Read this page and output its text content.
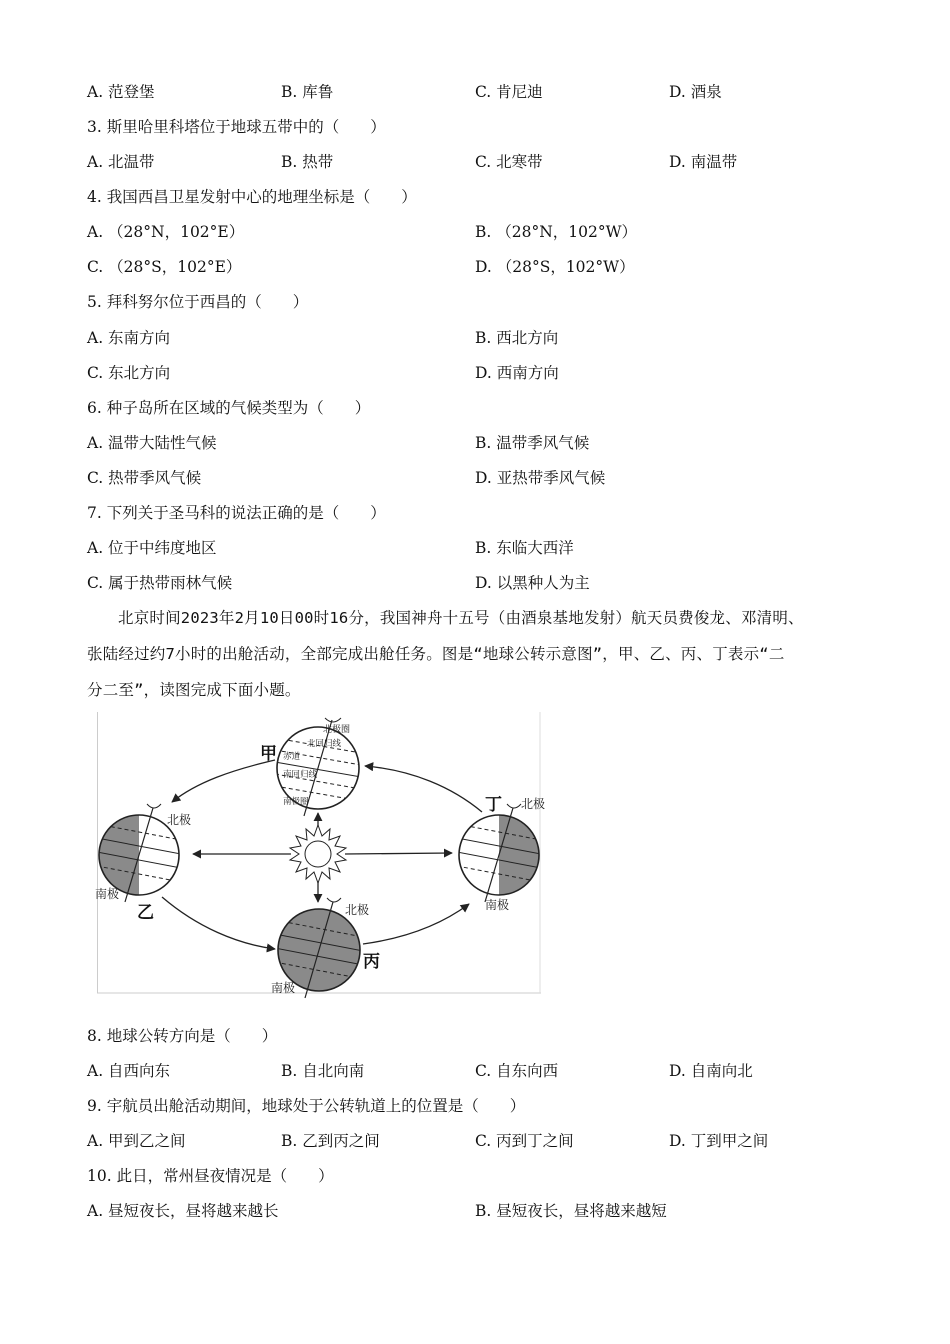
A. 范登堡	B. 库鲁	C. 肯尼迪	D. 酒泉
3. 斯里哈里科塔位于地球五带中的（　　）
A. 北温带	B. 热带	C. 北寒带	D. 南温带
4. 我国西昌卫星发射中心的地理坐标是（　　）
A. （28°N，102°E）	B. （28°N，102°W）
C. （28°S，102°E）	D. （28°S，102°W）
5. 拜科努尔位于西昌的（　　）
A. 东南方向	B. 西北方向
C. 东北方向	D. 西南方向
6. 种子岛所在区域的气候类型为（　　）
A. 温带大陆性气候	B. 温带季风气候
C. 热带季风气候	D. 亚热带季风气候
7. 下列关于圣马科的说法正确的是（　　）
A. 位于中纬度地区	B. 东临大西洋
C. 属于热带雨林气候	D. 以黑种人为主
北京时间2023年2月10日00时16分，我国神舟十五号（由酒泉基地发射）航天员费俊龙、邓清明、
张陆经过约7小时的出舱活动，全部完成出舱任务。图是“地球公转示意图”，甲、乙、丙、丁表示“二
分二至”，读图完成下面小题。
北极圈
北回归线
赤道
南回归线
南极圈
甲
北极
南极
乙	北极
南极
丙
北极
南极
丁
8. 地球公转方向是（　　）
A. 自西向东	B. 自北向南	C. 自东向西	D. 自南向北
9. 宇航员出舱活动期间，地球处于公转轨道上的位置是（　　）
A. 甲到乙之间	B. 乙到丙之间	C. 丙到丁之间	D. 丁到甲之间
10. 此日，常州昼夜情况是（　　）
A. 昼短夜长，昼将越来越长	B. 昼短夜长，昼将越来越短
